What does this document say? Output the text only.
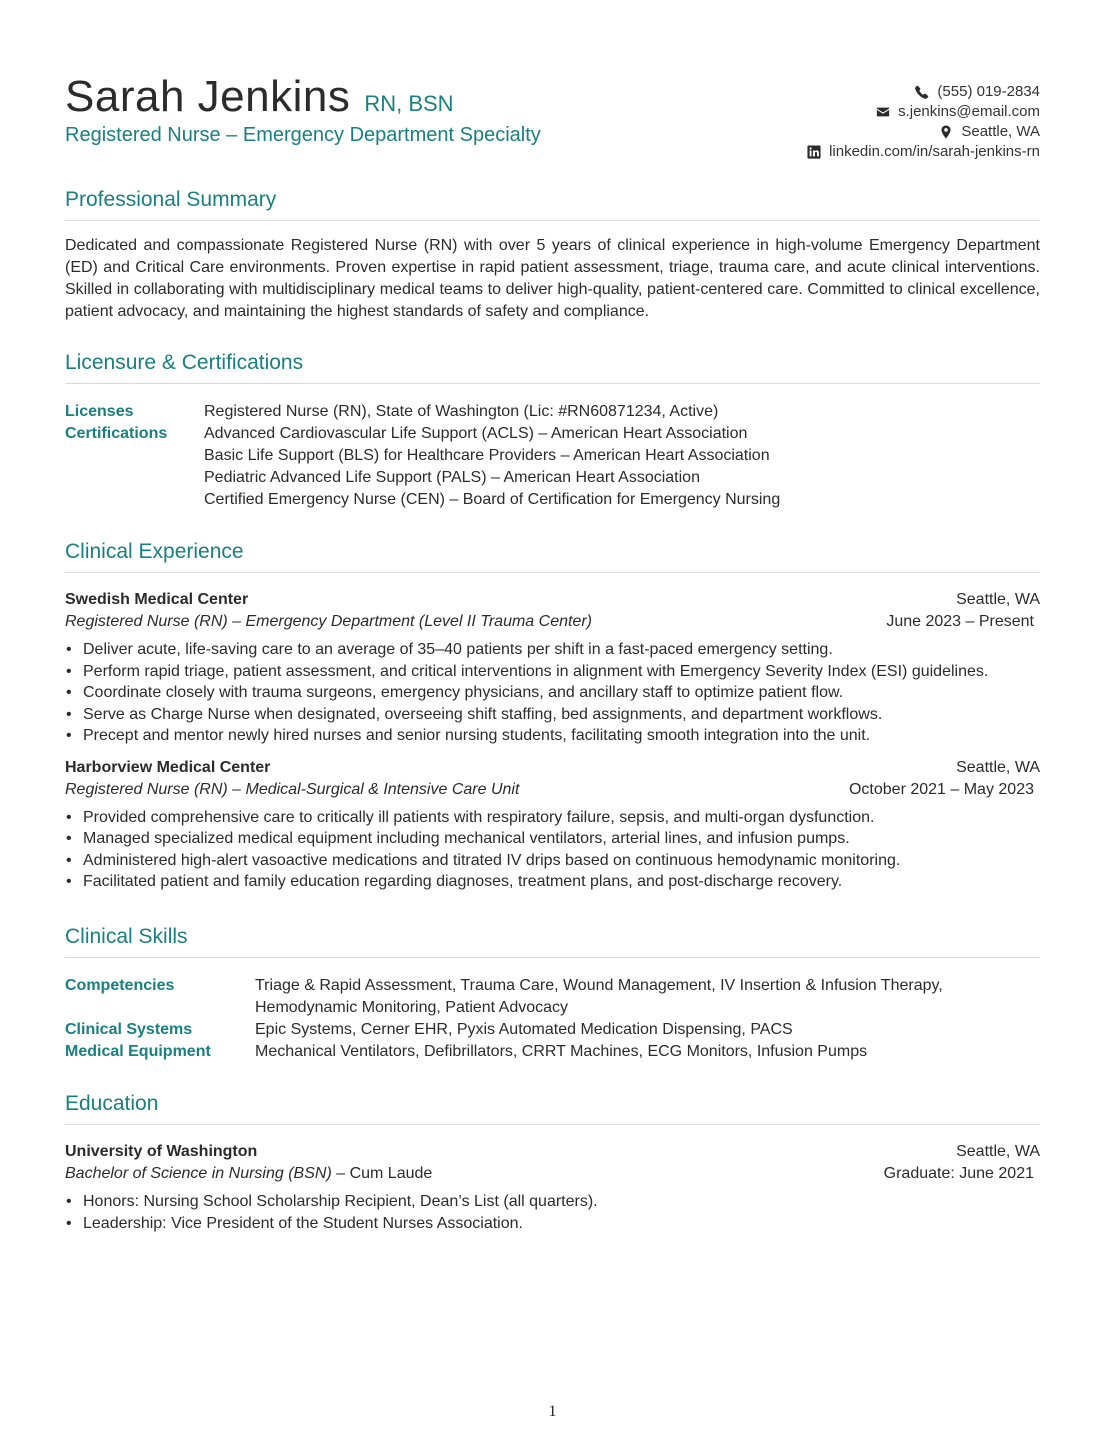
Sarah Jenkins RN, BSN
Registered Nurse – Emergency Department Specialty
(555) 019-2834
s.jenkins@email.com
Seattle, WA
linkedin.com/in/sarah-jenkins-rn
Professional Summary
Dedicated and compassionate Registered Nurse (RN) with over 5 years of clinical experience in high-volume Emergency Department (ED) and Critical Care environments. Proven expertise in rapid patient assessment, triage, trauma care, and acute clinical interventions. Skilled in collaborating with multidisciplinary medical teams to deliver high-quality, patient-centered care. Committed to clinical excellence, patient advocacy, and maintaining the highest standards of safety and compliance.
Licensure & Certifications
Licenses	Registered Nurse (RN), State of Washington (Lic: #RN60871234, Active)
Certifications	Advanced Cardiovascular Life Support (ACLS) – American Heart Association
Basic Life Support (BLS) for Healthcare Providers – American Heart Association
Pediatric Advanced Life Support (PALS) – American Heart Association
Certified Emergency Nurse (CEN) – Board of Certification for Emergency Nursing
Clinical Experience
Swedish Medical Center	Seattle, WA
Registered Nurse (RN) – Emergency Department (Level II Trauma Center)	June 2023 – Present
• Deliver acute, life-saving care to an average of 35–40 patients per shift in a fast-paced emergency setting.
• Perform rapid triage, patient assessment, and critical interventions in alignment with Emergency Severity Index (ESI) guidelines.
• Coordinate closely with trauma surgeons, emergency physicians, and ancillary staff to optimize patient flow.
• Serve as Charge Nurse when designated, overseeing shift staffing, bed assignments, and department workflows.
• Precept and mentor newly hired nurses and senior nursing students, facilitating smooth integration into the unit.
Harborview Medical Center	Seattle, WA
Registered Nurse (RN) – Medical-Surgical & Intensive Care Unit	October 2021 – May 2023
• Provided comprehensive care to critically ill patients with respiratory failure, sepsis, and multi-organ dysfunction.
• Managed specialized medical equipment including mechanical ventilators, arterial lines, and infusion pumps.
• Administered high-alert vasoactive medications and titrated IV drips based on continuous hemodynamic monitoring.
• Facilitated patient and family education regarding diagnoses, treatment plans, and post-discharge recovery.
Clinical Skills
Competencies	Triage & Rapid Assessment, Trauma Care, Wound Management, IV Insertion & Infusion Therapy, Hemodynamic Monitoring, Patient Advocacy
Clinical Systems	Epic Systems, Cerner EHR, Pyxis Automated Medication Dispensing, PACS
Medical Equipment	Mechanical Ventilators, Defibrillators, CRRT Machines, ECG Monitors, Infusion Pumps
Education
University of Washington	Seattle, WA
Bachelor of Science in Nursing (BSN) – Cum Laude	Graduate: June 2021
• Honors: Nursing School Scholarship Recipient, Dean’s List (all quarters).
• Leadership: Vice President of the Student Nurses Association.
1
